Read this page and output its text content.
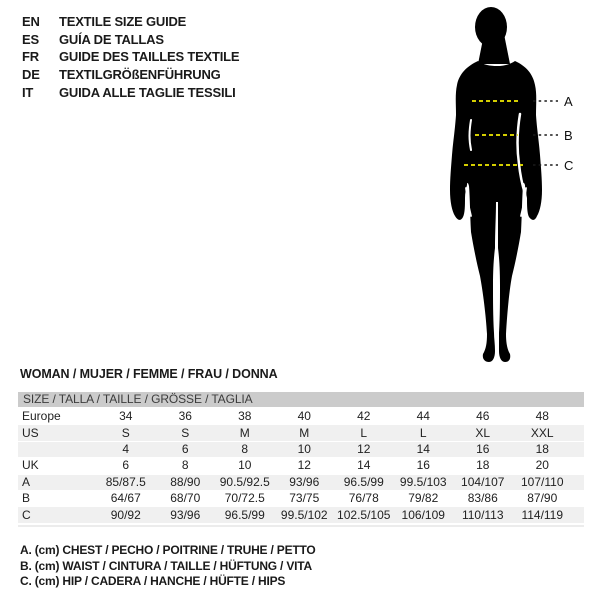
EN	TEXTILE SIZE GUIDE
ES	GUÍA DE TALLAS
FR	GUIDE DES TAILLES TEXTILE
DE	TEXTILGRÖßENFÜHRUNG
IT	GUIDA ALLE TAGLIE TESSILI
A
B
C
WOMAN / MUJER / FEMME / FRAU / DONNA
SIZE / TALLA / TAILLE / GRÖSSE / TAGLIA
Europe	34	36	38	40	42	44	46	48
US	S	S	M	M	L	L	XL	XXL
4	6	8	10	12	14	16	18
UK	6	8	10	12	14	16	18	20
A	85/87.5	88/90	90.5/92.5	93/96	96.5/99	99.5/103	104/107	107/110
B	64/67	68/70	70/72.5	73/75	76/78	79/82	83/86	87/90
C	90/92	93/96	96.5/99	99.5/102 102.5/105 106/109	110/113	114/119
A. (cm) CHEST / PECHO / POITRINE / TRUHE / PETTO
B. (cm) WAIST / CINTURA / TAILLE / HÜFTUNG / VITA
C. (cm) HIP / CADERA / HANCHE / HÜFTE / HIPS
